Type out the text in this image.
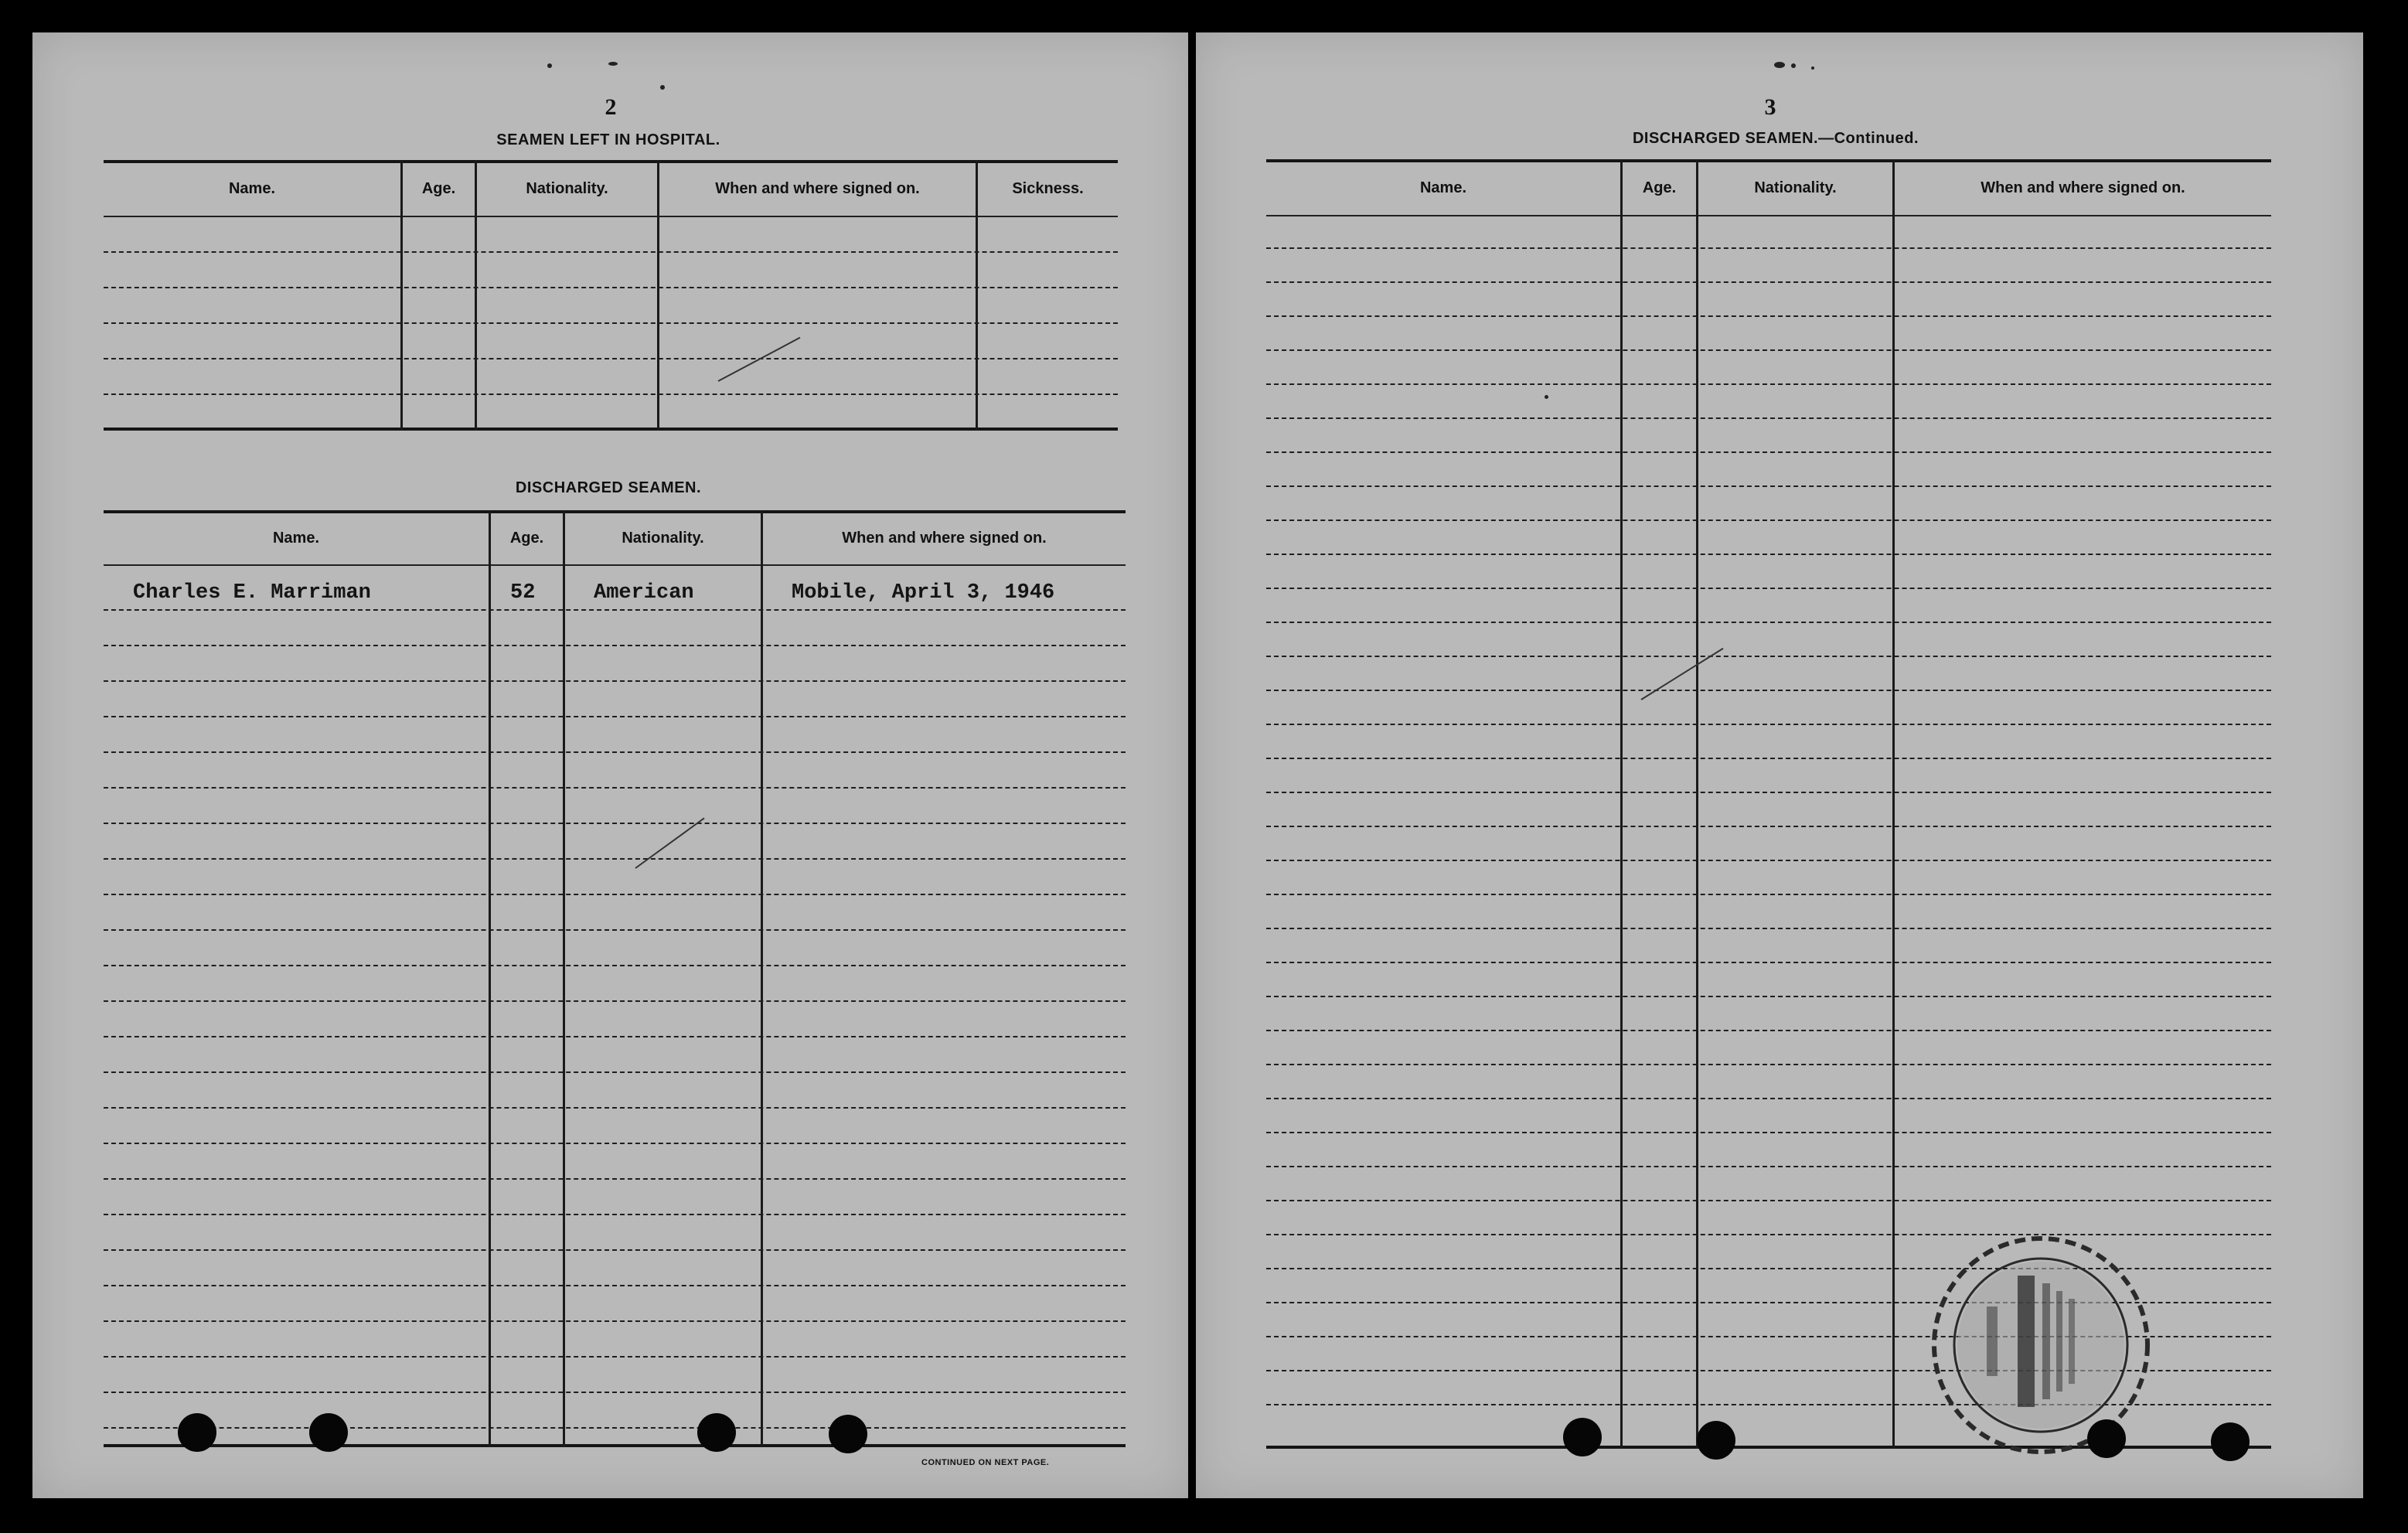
2
SEAMEN LEFT IN HOSPITAL.
Name.	Age.	Nationality.	When and where signed on.	Sickness.
DISCHARGED SEAMEN.
Name.	Age.	Nationality.	When and where signed on.
Charles E. Marriman	52	American	Mobile, April 3, 1946
CONTINUED ON NEXT PAGE.
3
DISCHARGED SEAMEN.—Continued.
Name.	Age.	Nationality.	When and where signed on.
